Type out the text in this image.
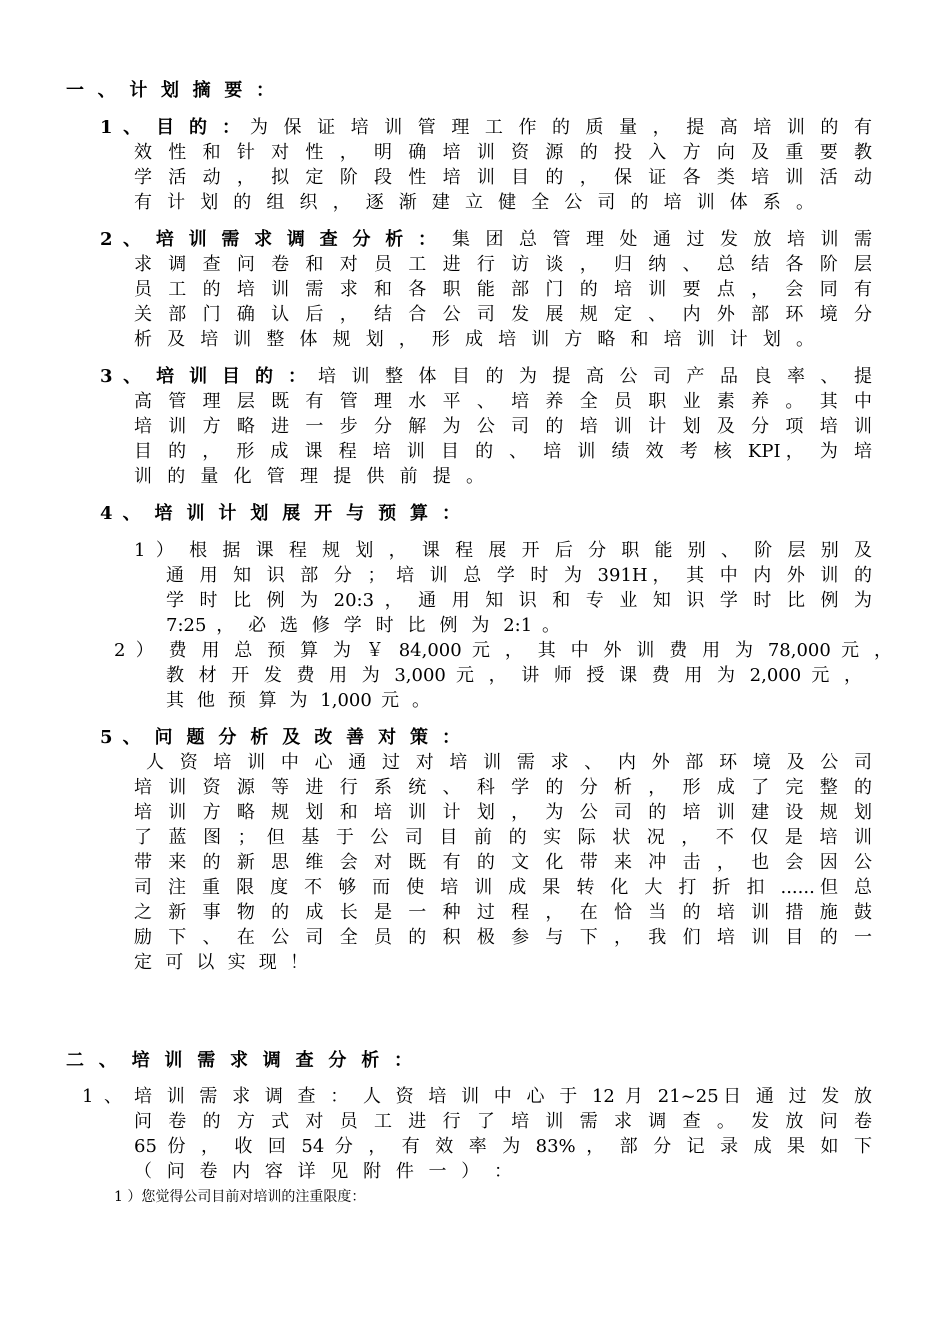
一 、 计 划 摘 要 ：
1 、 目 的 ： 为 保 证 培 训 管 理 工 作 的 质 量 ， 提 高 培 训 的 有
效 性 和 针 对 性 ， 明 确 培 训 资 源 的 投 入 方 向 及 重 要 教
学 活 动 ， 拟 定 阶 段 性 培 训 目 的 ， 保 证 各 类 培 训 活 动
有 计 划 的 组 织 ， 逐 渐 建 立 健 全 公 司 的 培 训 体 系 。
2 、 培 训 需 求 调 查 分 析 ： 集 团 总 管 理 处 通 过 发 放 培 训 需
求 调 查 问 卷 和 对 员 工 进 行 访 谈 ， 归 纳 、 总 结 各 阶 层
员 工 的 培 训 需 求 和 各 职 能 部 门 的 培 训 要 点 ， 会 同 有
关 部 门 确 认 后 ， 结 合 公 司 发 展 规 定 、 内 外 部 环 境 分
析 及 培 训 整 体 规 划 ， 形 成 培 训 方 略 和 培 训 计 划 。
3 、 培 训 目 的 ： 培 训 整 体 目 的 为 提 高 公 司 产 品 良 率 、 提
高 管 理 层 既 有 管 理 水 平 、 培 养 全 员 职 业 素 养 。 其 中
培 训 方 略 进 一 步 分 解 为 公 司 的 培 训 计 划 及 分 项 培 训
目 的 ， 形 成 课 程 培 训 目 的 、 培 训 绩 效 考 核 KPI， 为 培
训 的 量 化 管 理 提 供 前 提 。
4 、 培 训 计 划 展 开 与 预 算 ：
1 ） 根 据 课 程 规 划 ， 课 程 展 开 后 分 职 能 别 、 阶 层 别 及
通 用 知 识 部 分 ； 培 训 总 学 时 为 391H， 其 中 内 外 训 的
学 时 比 例 为 20:3 ， 通 用 知 识 和 专 业 知 识 学 时 比 例 为
7:25 ， 必 选 修 学 时 比 例 为 2:1 。
2 ） 费 用 总 预 算 为 ￥ 84,000 元 ， 其 中 外 训 费 用 为 78,000 元 ，
教 材 开 发 费 用 为 3,000 元 ， 讲 师 授 课 费 用 为 2,000 元 ，
其 他 预 算 为 1,000 元 。
5 、 问 题 分 析 及 改 善 对 策 ：
人 资 培 训 中 心 通 过 对 培 训 需 求 、 内 外 部 环 境 及 公 司
培 训 资 源 等 进 行 系 统 、 科 学 的 分 析 ， 形 成 了 完 整 的
培 训 方 略 规 划 和 培 训 计 划 ， 为 公 司 的 培 训 建 设 规 划
了 蓝 图 ； 但 基 于 公 司 目 前 的 实 际 状 况 ， 不 仅 是 培 训
带 来 的 新 思 维 会 对 既 有 的 文 化 带 来 冲 击 ， 也 会 因 公
司 注 重 限 度 不 够 而 使 培 训 成 果 转 化 大 打 折 扣 ......但 总
之 新 事 物 的 成 长 是 一 种 过 程 ， 在 恰 当 的 培 训 措 施 鼓
励 下 、 在 公 司 全 员 的 积 极 参 与 下 ， 我 们 培 训 目 的 一
定 可 以 实 现 ！
二 、 培 训 需 求 调 查 分 析 ：
1 、 培 训 需 求 调 查 ： 人 资 培 训 中 心 于 12 月 21~25日 通 过 发 放
问 卷 的 方 式 对 员 工 进 行 了 培 训 需 求 调 查 。 发 放 问 卷
65 份 ， 收 回 54 分 ， 有 效 率 为 83% ， 部 分 记 录 成 果 如 下
（ 问 卷 内 容 详 见 附 件 一 ） ：
1 ）您觉得公司目前对培训的注重限度：
